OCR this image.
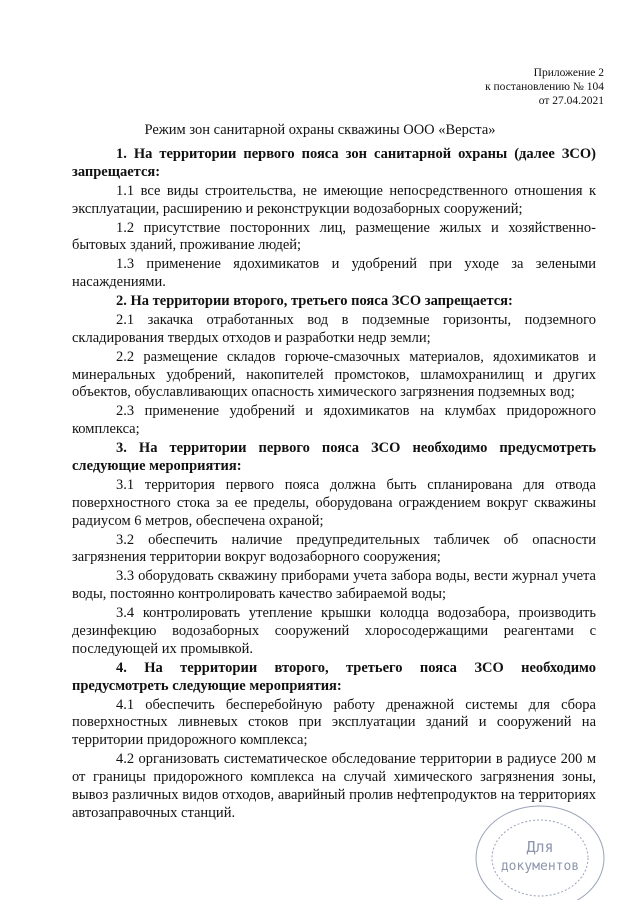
Приложение 2
к постановлению № 104
от 27.04.2021
Режим зон санитарной охраны скважины ООО «Верста»

1. На территории первого пояса зон санитарной охраны (далее ЗСО) запрещается:

1.1 все виды строительства, не имеющие непосредственного отношения к эксплуатации, расширению и реконструкции водозаборных сооружений;

1.2 присутствие посторонних лиц, размещение жилых и хозяйственно-бытовых зданий, проживание людей;

1.3 применение ядохимикатов и удобрений при уходе за зелеными насаждениями.

2. На территории второго, третьего пояса ЗСО запрещается:

2.1 закачка отработанных вод в подземные горизонты, подземного складирования твердых отходов и разработки недр земли;

2.2 размещение складов горюче-смазочных материалов, ядохимикатов и минеральных удобрений, накопителей промстоков, шламохранилищ и других объектов, обуславливающих опасность химического загрязнения подземных вод;

2.3 применение удобрений и ядохимикатов на клумбах придорожного комплекса;

3. На территории первого пояса ЗСО необходимо предусмотреть следующие мероприятия:

3.1 территория первого пояса должна быть спланирована для отвода поверхностного стока за ее пределы, оборудована ограждением вокруг скважины радиусом 6 метров, обеспечена охраной;

3.2 обеспечить наличие предупредительных табличек об опасности загрязнения территории вокруг водозаборного сооружения;

3.3 оборудовать скважину приборами учета забора воды, вести журнал учета воды, постоянно контролировать качество забираемой воды;

3.4 контролировать утепление крышки колодца водозабора, производить дезинфекцию водозаборных сооружений хлоросодержащими реагентами с последующей их промывкой.

4. На территории второго, третьего пояса ЗСО необходимо предусмотреть следующие мероприятия:

4.1 обеспечить бесперебойную работу дренажной системы для сбора поверхностных ливневых стоков при эксплуатации зданий и сооружений на территории придорожного комплекса;

4.2 организовать систематическое обследование территории в радиусе 200 м от границы придорожного комплекса на случай химического загрязнения зоны, вывоз различных видов отходов, аварийный пролив нефтепродуктов на территориях автозаправочных станций.

Для
документов
